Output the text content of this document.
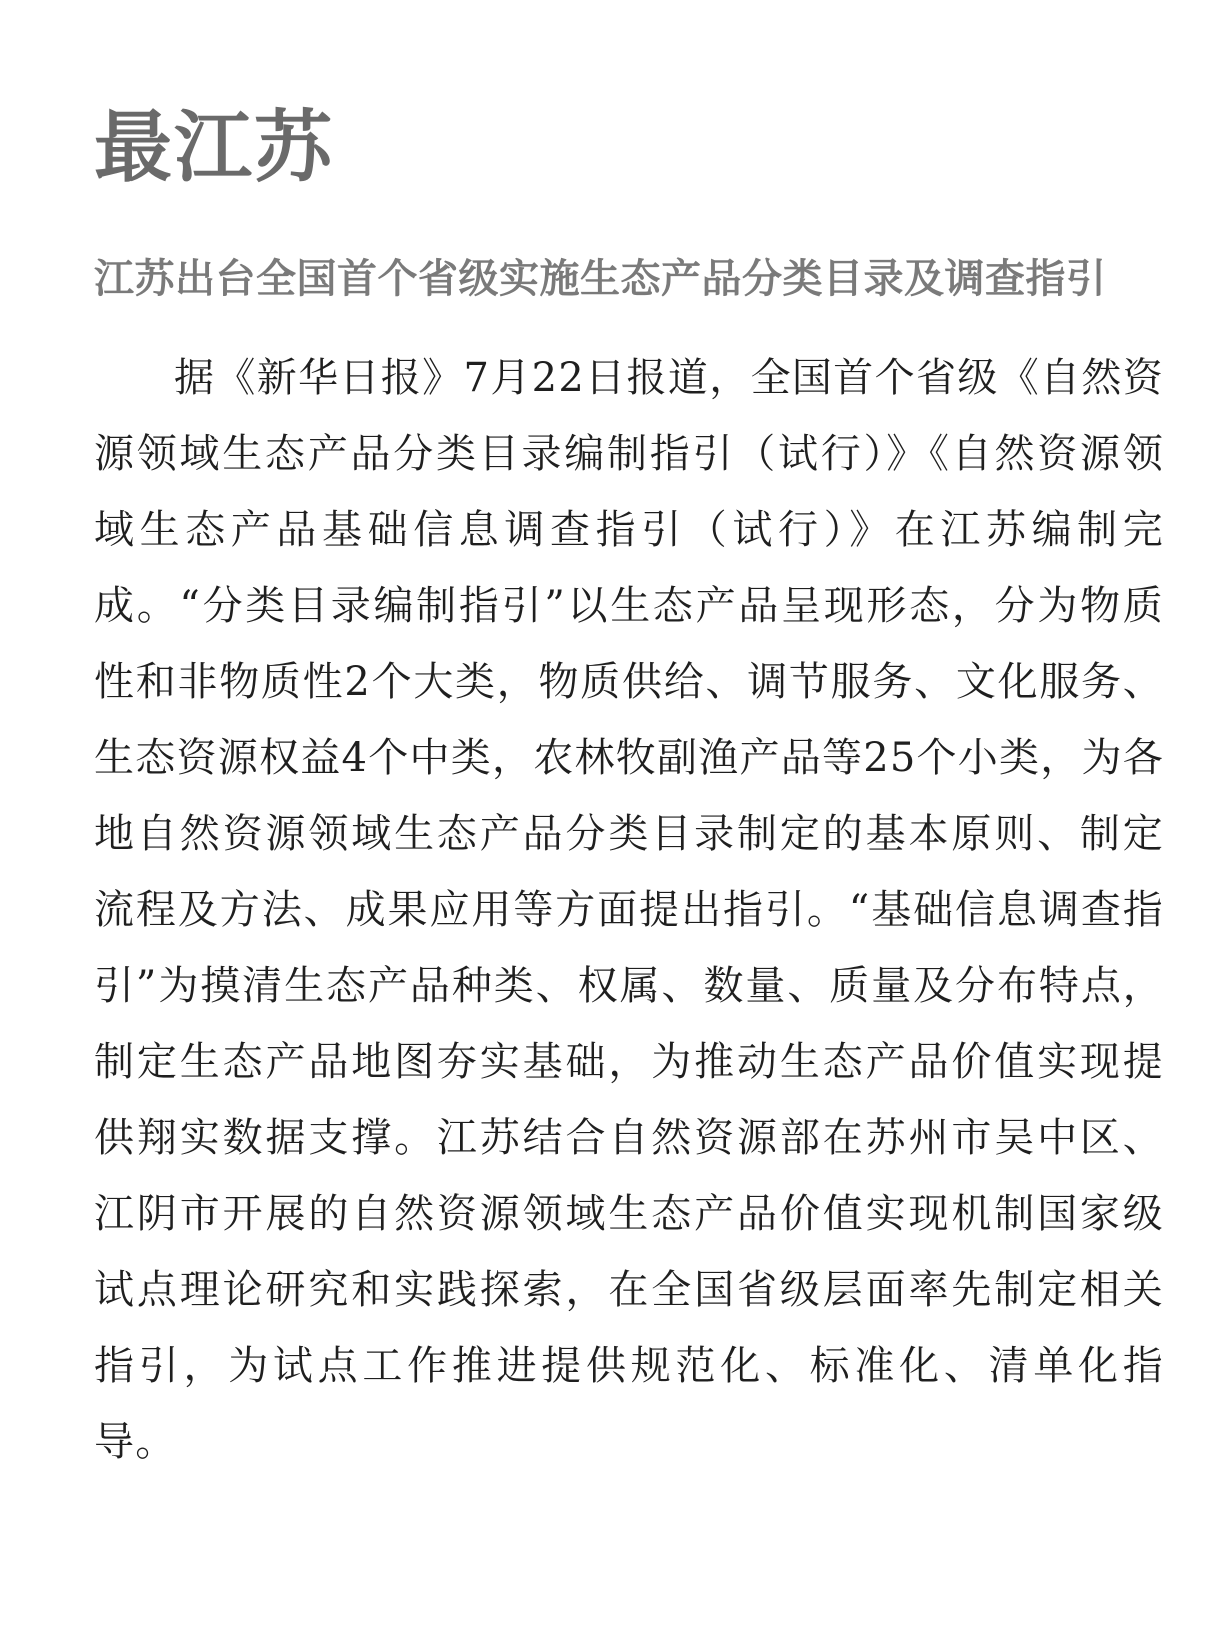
最江苏
江苏出台全国首个省级实施生态产品分类目录及调查指引

据《新华日报》7月22日报道，全国首个省级《自然资源领域生态产品分类目录编制指引（试行）》《自然资源领域生态产品基础信息调查指引（试行）》在江苏编制完成。“分类目录编制指引”以生态产品呈现形态，分为物质性和非物质性2个大类，物质供给、调节服务、文化服务、生态资源权益4个中类，农林牧副渔产品等25个小类，为各地自然资源领域生态产品分类目录制定的基本原则、制定流程及方法、成果应用等方面提出指引。“基础信息调查指引”为摸清生态产品种类、权属、数量、质量及分布特点，制定生态产品地图夯实基础，为推动生态产品价值实现提供翔实数据支撑。江苏结合自然资源部在苏州市吴中区、江阴市开展的自然资源领域生态产品价值实现机制国家级试点理论研究和实践探索，在全国省级层面率先制定相关指引，为试点工作推进提供规范化、标准化、清单化指导。
